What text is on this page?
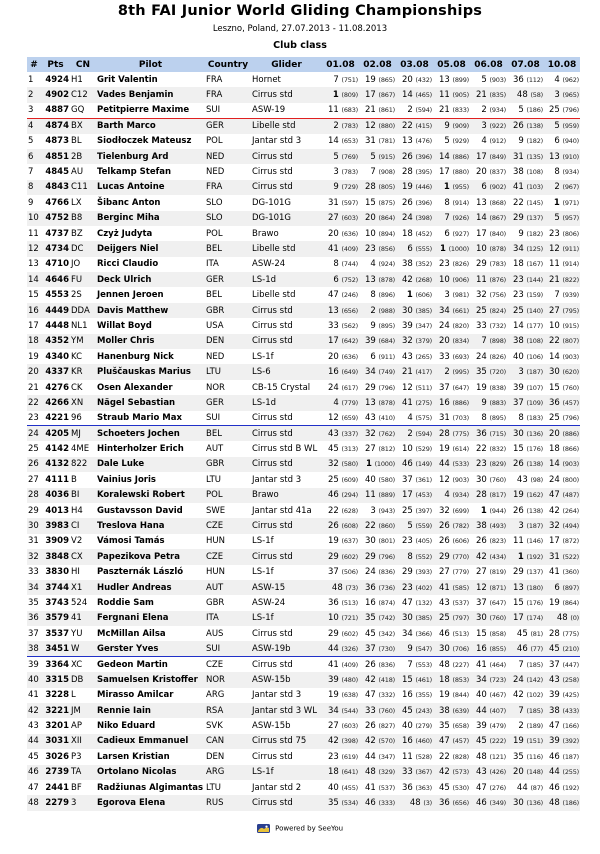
8th FAI Junior World Gliding Championships
Leszno, Poland, 27.07.2013 - 11.08.2013
Club class
#	Pts	CN	Pilot	Country	Glider	01.08	02.08	03.08	05.08	06.08	07.08	10.08
1	4924	H1	Grit Valentin	FRA	Hornet	7 (751)	19 (865)	20 (432)	13 (899)	5 (903)	36 (112)	4 (962)
2	4902	C12	Vades Benjamin	FRA	Cirrus std	1 (809)	17 (867)	14 (465)	11 (905)	21 (835)	48 (58)	3 (965)
3	4887	GQ	Petitpierre Maxime	SUI	ASW-19	11 (683)	21 (861)	2 (594)	21 (833)	2 (934)	5 (186)	25 (796)
4	4874	BX	Barth Marco	GER	Libelle std	2 (783)	12 (880)	22 (415)	9 (909)	3 (922)	26 (138)	5 (959)
5	4873	BL	Siodłoczek Mateusz	POL	Jantar std 3	14 (653)	31 (781)	13 (476)	5 (929)	4 (912)	9 (182)	6 (940)
6	4851	2B	Tielenburg Ard	NED	Cirrus std	5 (769)	5 (915)	26 (396)	14 (886)	17 (849)	31 (135)	13 (910)
7	4845	AU	Telkamp Stefan	NED	Cirrus std	3 (783)	7 (908)	28 (395)	17 (880)	20 (837)	38 (108)	8 (934)
8	4843	C11	Lucas Antoine	FRA	Cirrus std	9 (729)	28 (805)	19 (446)	1 (955)	6 (902)	41 (103)	2 (967)
9	4766	LX	Šibanc Anton	SLO	DG-101G	31 (597)	15 (875)	26 (396)	8 (914)	13 (868)	22 (145)	1 (971)
10	4752	B8	Berginc Miha	SLO	DG-101G	27 (603)	20 (864)	24 (398)	7 (926)	14 (867)	29 (137)	5 (957)
11	4737	BZ	Czyż Judyta	POL	Brawo	20 (636)	10 (894)	18 (452)	6 (927)	17 (840)	9 (182)	23 (806)
12	4734	DC	Deijgers Niel	BEL	Libelle std	41 (409)	23 (856)	6 (555)	1 (1000)	10 (878)	34 (125)	12 (911)
13	4710	JO	Ricci Claudio	ITA	ASW-24	8 (744)	4 (924)	38 (352)	23 (826)	29 (783)	18 (167)	11 (914)
14	4646	FU	Deck Ulrich	GER	LS-1d	6 (752)	13 (878)	42 (268)	10 (906)	11 (876)	23 (144)	21 (822)
15	4553	2S	Jennen Jeroen	BEL	Libelle std	47 (246)	8 (896)	1 (606)	3 (981)	32 (756)	23 (159)	7 (939)
16	4449	DDA	Davis Matthew	GBR	Cirrus std	13 (656)	2 (988)	30 (385)	34 (661)	25 (824)	25 (140)	27 (795)
17	4448	NL1	Willat Boyd	USA	Cirrus std	33 (562)	9 (895)	39 (347)	24 (820)	33 (732)	14 (177)	10 (915)
18	4352	YM	Moller Chris	DEN	Cirrus std	17 (642)	39 (684)	32 (379)	20 (834)	7 (898)	38 (108)	22 (807)
19	4340	KC	Hanenburg Nick	NED	LS-1f	20 (636)	6 (911)	43 (265)	33 (693)	24 (826)	40 (106)	14 (903)
20	4337	KR	Pluščauskas Marius	LTU	LS-6	16 (649)	34 (749)	21 (417)	2 (995)	35 (720)	3 (187)	30 (620)
21	4276	CK	Osen Alexander	NOR	CB-15 Crystal	24 (617)	29 (796)	12 (511)	37 (647)	19 (838)	39 (107)	15 (760)
22	4266	XN	Nägel Sebastian	GER	LS-1d	4 (779)	13 (878)	41 (275)	16 (886)	9 (883)	37 (109)	36 (457)
23	4221	96	Straub Mario Max	SUI	Cirrus std	12 (659)	43 (410)	4 (575)	31 (703)	8 (895)	8 (183)	25 (796)
24	4205	MJ	Schoeters Jochen	BEL	Cirrus std	43 (337)	32 (762)	2 (594)	28 (775)	36 (715)	30 (136)	20 (886)
25	4142	4ME	Hinterholzer Erich	AUT	Cirrus std B WL	45 (313)	27 (812)	10 (529)	19 (614)	22 (832)	15 (176)	18 (866)
26	4132	822	Dale Luke	GBR	Cirrus std	32 (580)	1 (1000)	46 (149)	44 (533)	23 (829)	26 (138)	14 (903)
27	4111	B	Vainius Joris	LTU	Jantar std 3	25 (609)	40 (580)	37 (361)	12 (903)	30 (760)	43 (98)	24 (800)
28	4036	BI	Koralewski Robert	POL	Brawo	46 (294)	11 (889)	17 (453)	4 (934)	28 (817)	19 (162)	47 (487)
29	4013	H4	Gustavsson David	SWE	Jantar std 41a	22 (628)	3 (943)	25 (397)	32 (699)	1 (944)	26 (138)	42 (264)
30	3983	CI	Treslova Hana	CZE	Cirrus std	26 (608)	22 (860)	5 (559)	26 (782)	38 (493)	3 (187)	32 (494)
31	3909	V2	Vámosi Tamás	HUN	LS-1f	19 (637)	30 (801)	23 (405)	26 (606)	26 (823)	11 (146)	17 (872)
32	3848	CX	Papezikova Petra	CZE	Cirrus std	29 (602)	29 (796)	8 (552)	29 (770)	42 (434)	1 (192)	31 (522)
33	3830	HI	Paszternák László	HUN	LS-1f	37 (506)	24 (836)	29 (393)	27 (779)	27 (819)	29 (137)	41 (360)
34	3744	X1	Hudler Andreas	AUT	ASW-15	48 (73)	36 (736)	23 (402)	41 (585)	12 (871)	13 (180)	6 (897)
35	3743	524	Roddie Sam	GBR	ASW-24	36 (513)	16 (874)	47 (132)	43 (537)	37 (647)	15 (176)	19 (864)
36	3579	41	Fergnani Elena	ITA	LS-1f	10 (721)	35 (742)	30 (385)	25 (797)	30 (760)	17 (174)	48 (0)
37	3537	YU	McMillan Ailsa	AUS	Cirrus std	29 (602)	45 (342)	34 (366)	46 (513)	15 (858)	45 (81)	28 (775)
38	3451	W	Gerster Yves	SUI	ASW-19b	44 (326)	37 (730)	9 (547)	30 (706)	16 (855)	46 (77)	45 (210)
39	3364	XC	Gedeon Martin	CZE	Cirrus std	41 (409)	26 (836)	7 (553)	48 (227)	41 (464)	7 (185)	37 (447)
40	3315	DB	Samuelsen Kristoffer	NOR	ASW-15b	39 (480)	42 (418)	15 (461)	18 (853)	34 (723)	24 (142)	43 (258)
41	3228	L	Mirasso Amilcar	ARG	Jantar std 3	19 (638)	47 (332)	16 (355)	19 (844)	40 (467)	42 (102)	39 (425)
42	3221	JM	Rennie Iain	RSA	Jantar std 3 WL	34 (544)	33 (760)	45 (243)	38 (639)	44 (407)	7 (185)	38 (433)
43	3201	AP	Niko Eduard	SVK	ASW-15b	27 (603)	26 (827)	40 (279)	35 (658)	39 (479)	2 (189)	47 (166)
44	3031	XII	Cadieux Emmanuel	CAN	Cirrus std 75	42 (398)	42 (570)	16 (460)	47 (457)	45 (222)	19 (151)	39 (392)
45	3026	P3	Larsen Kristian	DEN	Cirrus std	23 (619)	44 (347)	11 (528)	22 (828)	48 (121)	35 (116)	46 (187)
46	2739	TA	Ortolano Nicolas	ARG	LS-1f	18 (641)	48 (329)	33 (367)	42 (573)	43 (426)	20 (148)	44 (255)
47	2441	BF	Radžiunas Algimantas	LTU	Jantar std 2	40 (455)	41 (537)	36 (363)	45 (530)	47 (276)	44 (87)	46 (192)
48	2279	3	Egorova Elena	RUS	Cirrus std	35 (534)	46 (333)	48 (3)	36 (656)	46 (349)	30 (136)	48 (186)
Powered by SeeYou
